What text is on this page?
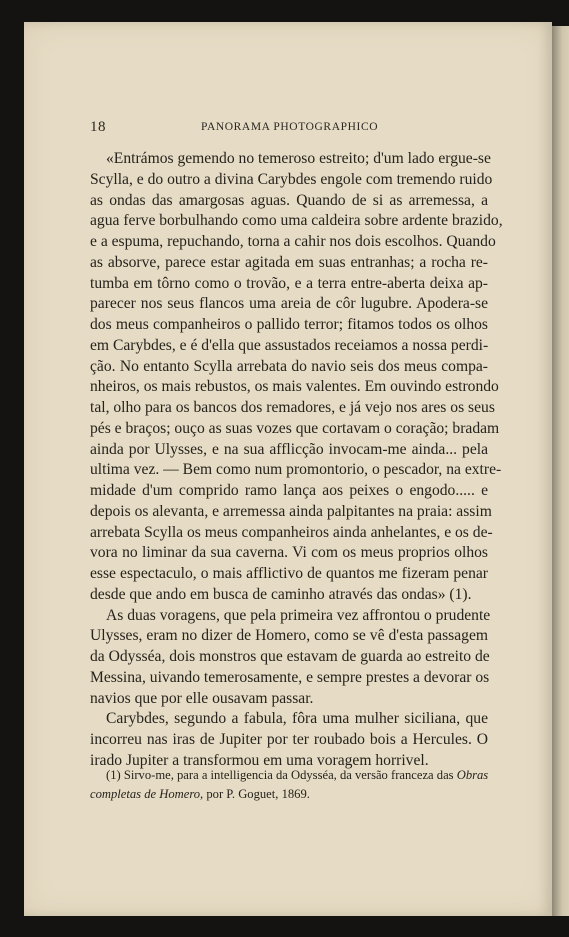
18	PANORAMA PHOTOGRAPHICO
«Entrámos gemendo no temeroso estreito; d'um lado ergue-se
Scylla, e do outro a divina Carybdes engole com tremendo ruido
as ondas das amargosas aguas. Quando de si as arremessa, a
agua ferve borbulhando como uma caldeira sobre ardente brazido,
e a espuma, repuchando, torna a cahir nos dois escolhos. Quando
as absorve, parece estar agitada em suas entranhas; a rocha re-
tumba em tôrno como o trovão, e a terra entre-aberta deixa ap-
parecer nos seus flancos uma areia de côr lugubre. Apodera-se
dos meus companheiros o pallido terror; fitamos todos os olhos
em Carybdes, e é d'ella que assustados receiamos a nossa perdi-
ção. No entanto Scylla arrebata do navio seis dos meus compa-
nheiros, os mais rebustos, os mais valentes. Em ouvindo estrondo
tal, olho para os bancos dos remadores, e já vejo nos ares os seus
pés e braços; ouço as suas vozes que cortavam o coração; bradam
ainda por Ulysses, e na sua afflicção invocam-me ainda... pela
ultima vez. — Bem como num promontorio, o pescador, na extre-
midade d'um comprido ramo lança aos peixes o engodo..... e
depois os alevanta, e arremessa ainda palpitantes na praia: assim
arrebata Scylla os meus companheiros ainda anhelantes, e os de-
vora no liminar da sua caverna. Vi com os meus proprios olhos
esse espectaculo, o mais afflictivo de quantos me fizeram penar
desde que ando em busca de caminho através das ondas» (1).
As duas voragens, que pela primeira vez affrontou o prudente
Ulysses, eram no dizer de Homero, como se vê d'esta passagem
da Odysséa, dois monstros que estavam de guarda ao estreito de
Messina, uivando temerosamente, e sempre prestes a devorar os
navios que por elle ousavam passar.
Carybdes, segundo a fabula, fôra uma mulher siciliana, que
incorreu nas iras de Jupiter por ter roubado bois a Hercules. O
irado Jupiter a transformou em uma voragem horrivel.
(1) Sirvo-me, para a intelligencia da Odysséa, da versão franceza das Obras
completas de Homero, por P. Goguet, 1869.
